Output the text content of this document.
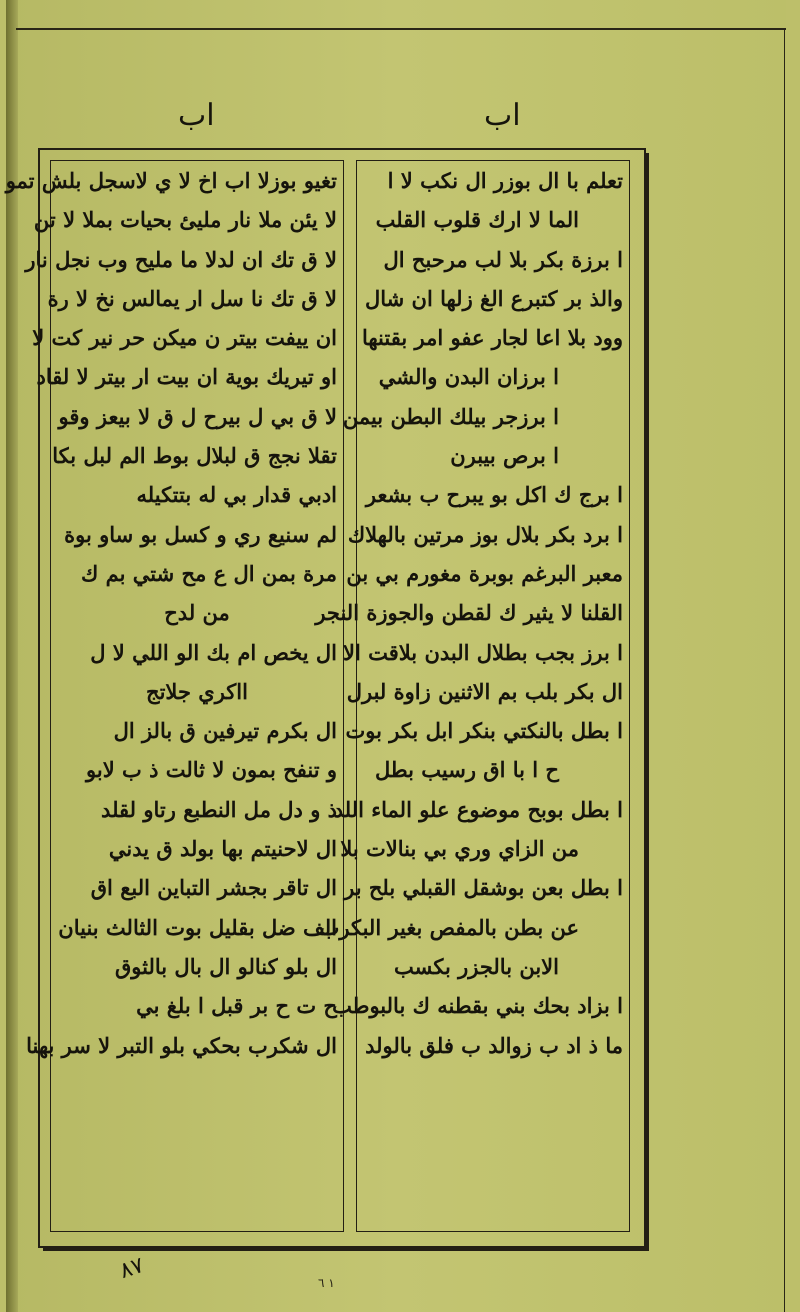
اب	اب
تغيو بوزلا اب اخ لا ي لاسجل بلش تمو
لا يئن ملا نار مليئ بحيات بملا لا تن
لا ق تك ان لدلا ما مليح وب نجل نار
لا ق تك نا سل ار يمالس نخ لا رة
ان ييفت بيتر ن ميكن حر نير كت لا
او تيريك بوية ان بيت ار بيتر لا لقاد
لا ق بي ل بيرح ل ق لا بيعز وقو
تقلا نجج ق لبلال بوط الم لبل بكا
ادبي قدار بي له بتتكيله
لم سنيع ري و كسل بو ساو بوة
مرة بمن ال ع مح شتي بم ك
من لدح
ال يخص ام بك الو اللي لا ل
ااكري جلاتج
ال بكرم تيرفين ق بالز ال
و تنفح بمون لا ثالت ذ ب لابو
ذ و دل مل النطبع رتاو لقلد
ال لاحنيتم بها بولد ق يدني
ال تاقر بجشر التباين البع اق
الف ضل بقليل بوت الثالث بنيان
ال بلو كنالو ال بال بالثوق
ح ت ح بر قبل ا بلغ بي
ال شكرب بحكي بلو التبر لا سر بهنا
تعلم با ال بوزر ال نكب لا ا
الما لا ارك قلوب القلب
ا برزة بكر بلا لب مرحبح ال
والذ بر كتبرع الغ زلها ان شال
وود بلا اعا لجار عفو امر بقتنها
ا برزان البدن والشي
ا برزجر بيلك البطن بيمن
ا برص بيبرن
ا برج ك اكل بو يبرح ب بشعر
ا برد بكر بلال بوز مرتين بالهلاك
معبر البرغم بوبرة مغورم بي بن
القلنا لا يثير ك لقطن والجوزة النجر
ا برز بجب بطلال البدن بلاقت الا
ال بكر بلب بم الاثنين زاوة لبرل
ا بطل بالنكتي بنكر ابل بكر بوت
ح ا با اق رسيب بطل
ا بطل بوبح موضوع علو الماء اللد
من الزاي وري بي بنالات بلا
ا بطل بعن بوشقل القبلي بلح بر
عن بطن بالمفص بغير البكرب
الابن بالجزر بكسب
ا بزاد بحك بني بقطنه ك بالبوطب
ما ذ اد ب زوالد ب فلق بالولد
٨٧	١ ٦
